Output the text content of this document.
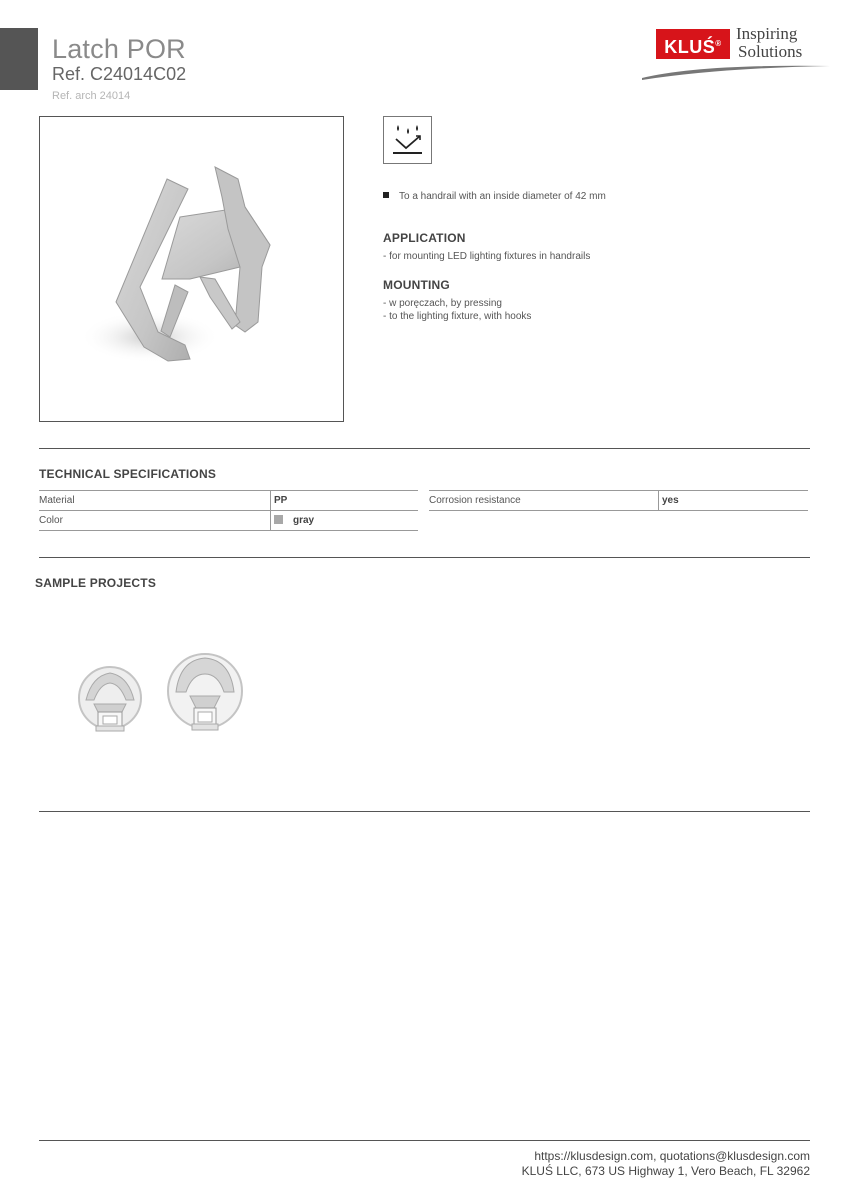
Latch POR
Ref. C24014C02
Ref. arch 24014
KLUŚ®
Inspiring
Solutions
To a handrail with an inside diameter of 42 mm
APPLICATION
- for mounting LED lighting fixtures in handrails
MOUNTING
- w poręczach, by pressing
- to the lighting fixture, with hooks
TECHNICAL SPECIFICATIONS
Material	PP
Color	gray
Corrosion resistance	yes
SAMPLE PROJECTS
https://klusdesign.com, quotations@klusdesign.com
KLUŚ LLC, 673 US Highway 1, Vero Beach, FL 32962
